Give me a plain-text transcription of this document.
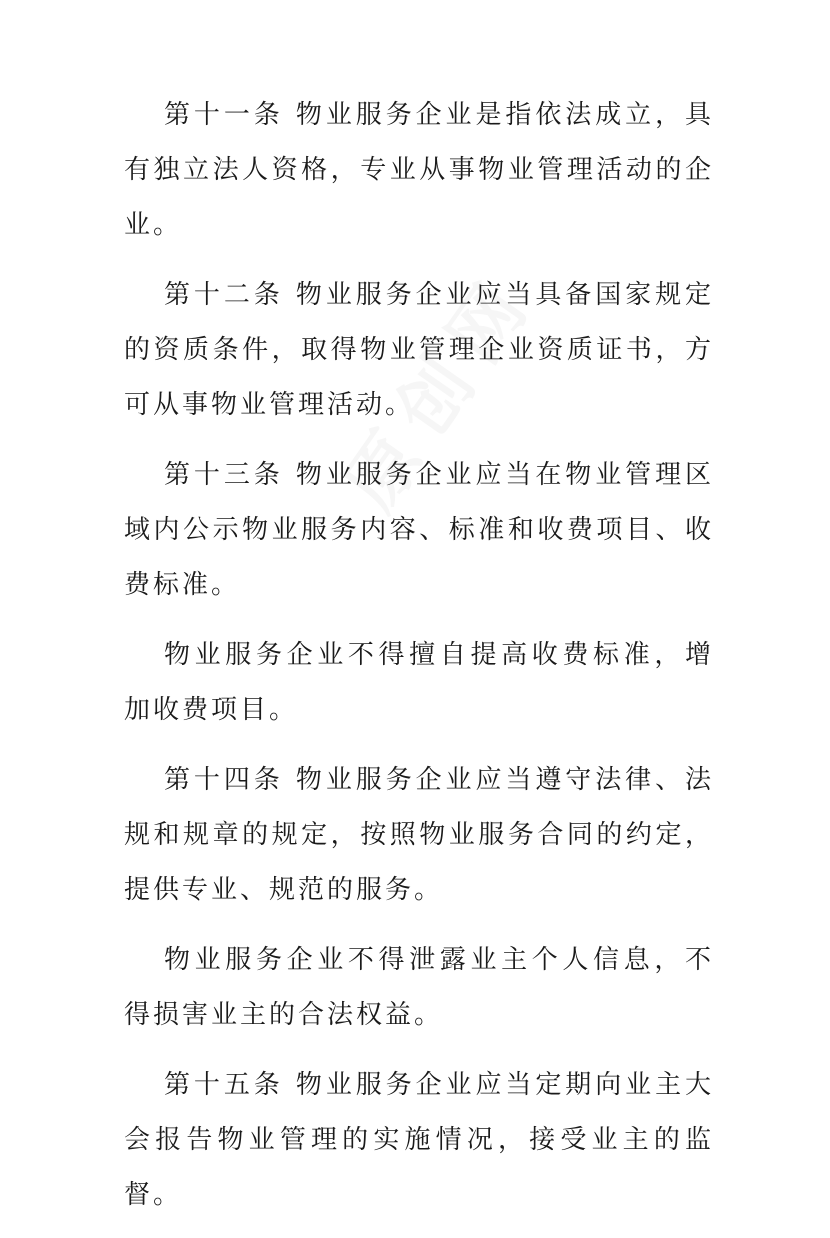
第十一条 物业服务企业是指依法成立，具有独立法人资格，专业从事物业管理活动的企业。

第十二条 物业服务企业应当具备国家规定的资质条件，取得物业管理企业资质证书，方可从事物业管理活动。

第十三条 物业服务企业应当在物业管理区域内公示物业服务内容、标准和收费项目、收费标准。

物业服务企业不得擅自提高收费标准，增加收费项目。

第十四条 物业服务企业应当遵守法律、法规和规章的规定，按照物业服务合同的约定，提供专业、规范的服务。

物业服务企业不得泄露业主个人信息，不得损害业主的合法权益。

第十五条 物业服务企业应当定期向业主大会报告物业管理的实施情况，接受业主的监督。
